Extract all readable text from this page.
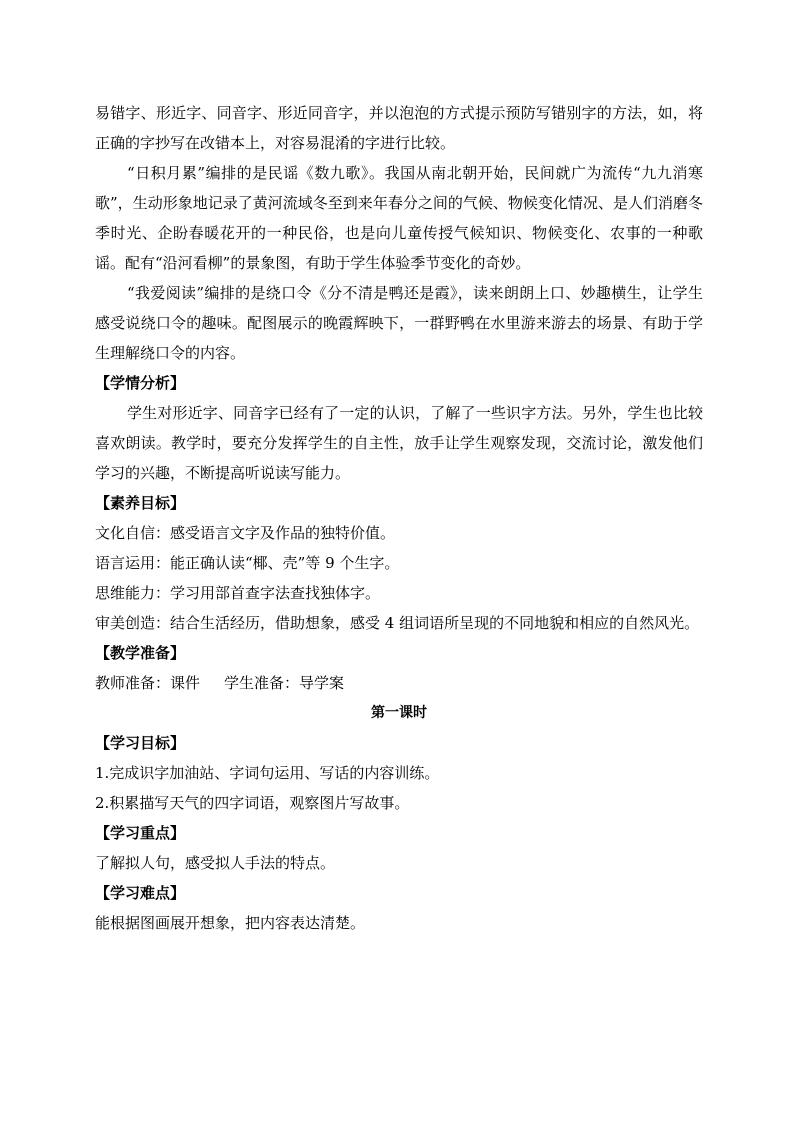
易错字、形近字、同音字、形近同音字，并以泡泡的方式提示预防写错别字的方法，如，将正确的字抄写在改错本上，对容易混淆的字进行比较。

“日积月累”编排的是民谣《数九歌》。我国从南北朝开始，民间就广为流传“九九消寒歌”，生动形象地记录了黄河流域冬至到来年春分之间的气候、物候变化情况、是人们消磨冬季时光、企盼春暖花开的一种民俗，也是向儿童传授气候知识、物候变化、农事的一种歌谣。配有“沿河看柳”的景象图，有助于学生体验季节变化的奇妙。

“我爱阅读”编排的是绕口令《分不清是鸭还是霞》，读来朗朗上口、妙趣横生，让学生感受说绕口令的趣味。配图展示的晚霞辉映下，一群野鸭在水里游来游去的场景、有助于学生理解绕口令的内容。

【学情分析】

学生对形近字、同音字已经有了一定的认识，了解了一些识字方法。另外，学生也比较喜欢朗读。教学时，要充分发挥学生的自主性，放手让学生观察发现，交流讨论，激发他们学习的兴趣，不断提高听说读写能力。

【素养目标】

文化自信：感受语言文字及作品的独特价值。

语言运用：能正确认读“椰、壳”等 9 个生字。

思维能力：学习用部首查字法查找独体字。

审美创造：结合生活经历，借助想象，感受 4 组词语所呈现的不同地貌和相应的自然风光。

【教学准备】

教师准备：课件 学生准备：导学案

第一课时

【学习目标】

1.完成识字加油站、字词句运用、写话的内容训练。

2.积累描写天气的四字词语，观察图片写故事。

【学习重点】

了解拟人句，感受拟人手法的特点。

【学习难点】

能根据图画展开想象，把内容表达清楚。
